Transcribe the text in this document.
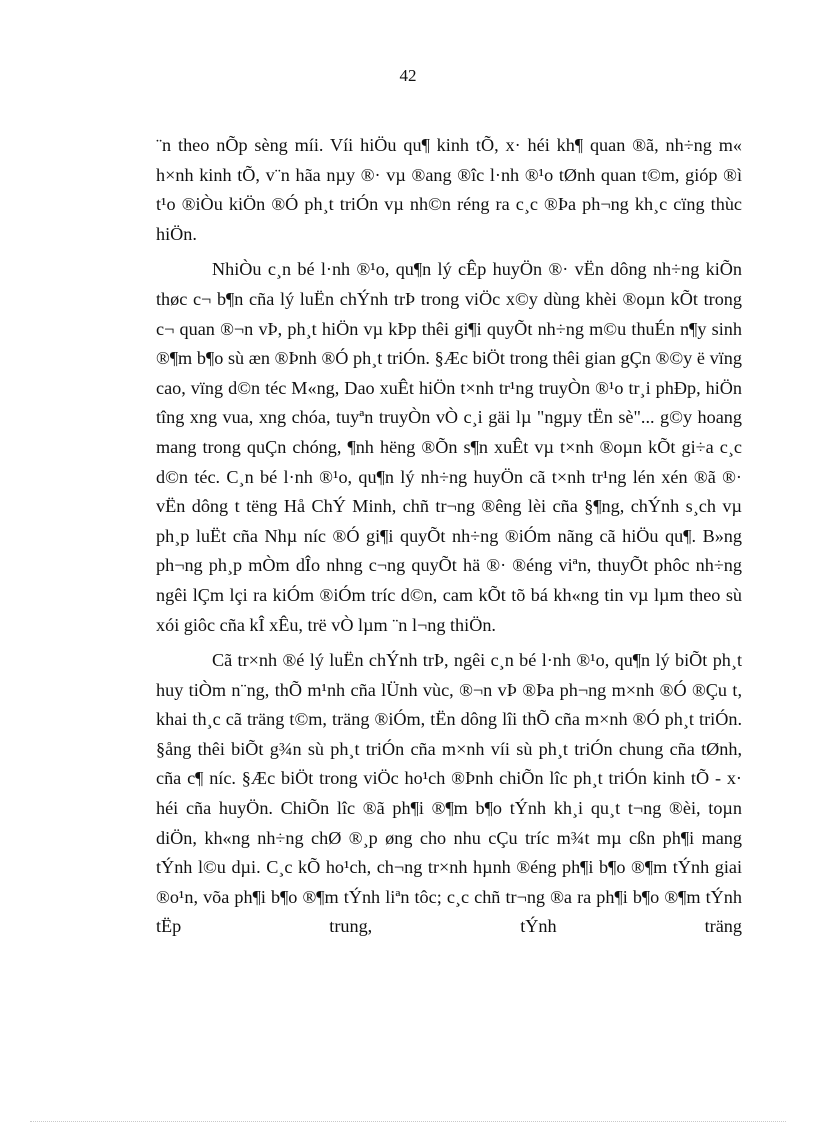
42

¨n theo nÕp sèng míi. Víi hiÖu qu¶ kinh tÕ, x· héi kh¶ quan ®ã, nh÷ng m« h×nh kinh tÕ, v¨n hãa nµy ®· vµ ®ang ®îc l·nh ®¹o tØnh quan t©m, gióp ®ì t¹o ®iÒu kiÖn ®Ó ph¸t triÓn vµ nh©n réng ra c¸c ®Þa ph¬ng kh¸c cïng thùc hiÖn.

NhiÒu c¸n bé l·nh ®¹o, qu¶n lý cÊp huyÖn ®· vËn dông nh÷ng kiÕn thøc c¬ b¶n cña lý luËn chÝnh trÞ trong viÖc x©y dùng khèi ®oµn kÕt trong c¬ quan ®¬n vÞ, ph¸t hiÖn vµ kÞp thêi gi¶i quyÕt nh÷ng m©u thuÉn n¶y sinh ®¶m b¶o sù æn ®Þnh ®Ó ph¸t triÓn. §Æc biÖt trong thêi gian gÇn ®©y ë vïng cao, vïng d©n téc M«ng, Dao xuÊt hiÖn t×nh tr¹ng truyÒn ®¹o tr¸i phÐp, hiÖn tîng xng vua, xng chóa, tuyªn truyÒn vÒ c¸i gäi lµ "ngµy tËn sè"... g©y hoang mang trong quÇn chóng, ¶nh hëng ®Õn s¶n xuÊt vµ t×nh ®oµn kÕt gi÷a c¸c d©n téc. C¸n bé l·nh ®¹o, qu¶n lý nh÷ng huyÖn cã t×nh tr¹ng lén xén ®ã ®· vËn dông t tëng Hå ChÝ Minh, chñ tr¬ng ®êng lèi cña §¶ng, chÝnh s¸ch vµ ph¸p luËt cña Nhµ níc ®Ó gi¶i quyÕt nh÷ng ®iÓm nãng cã hiÖu qu¶. B»ng ph¬ng ph¸p mÒm dÎo nhng c¬ng quyÕt hä ®· ®éng viªn, thuyÕt phôc nh÷ng ngêi lÇm lçi ra kiÓm ®iÓm tríc d©n, cam kÕt tõ bá kh«ng tin vµ lµm theo sù xói giôc cña kÎ xÊu, trë vÒ lµm ¨n l¬ng thiÖn.

Cã tr×nh ®é lý luËn chÝnh trÞ, ngêi c¸n bé l·nh ®¹o, qu¶n lý biÕt ph¸t huy tiÒm n¨ng, thÕ m¹nh cña lÜnh vùc, ®¬n vÞ ®Þa ph¬ng m×nh ®Ó ®Çu t, khai th¸c cã träng t©m, träng ®iÓm, tËn dông lîi thÕ cña m×nh ®Ó ph¸t triÓn. §ång thêi biÕt g¾n sù ph¸t triÓn cña m×nh víi sù ph¸t triÓn chung cña tØnh, cña c¶ níc. §Æc biÖt trong viÖc ho¹ch ®Þnh chiÕn lîc ph¸t triÓn kinh tÕ - x· héi cña huyÖn. ChiÕn lîc ®ã ph¶i ®¶m b¶o tÝnh kh¸i qu¸t t¬ng ®èi, toµn diÖn, kh«ng nh÷ng chØ ®¸p øng cho nhu cÇu tríc m¾t mµ cßn ph¶i mang tÝnh l©u dµi. C¸c kÕ ho¹ch, ch¬ng tr×nh hµnh ®éng ph¶i b¶o ®¶m tÝnh giai ®o¹n, võa ph¶i b¶o ®¶m tÝnh liªn tôc; c¸c chñ tr¬ng ®a ra ph¶i b¶o ®¶m tÝnh tËp trung, tÝnh träng
